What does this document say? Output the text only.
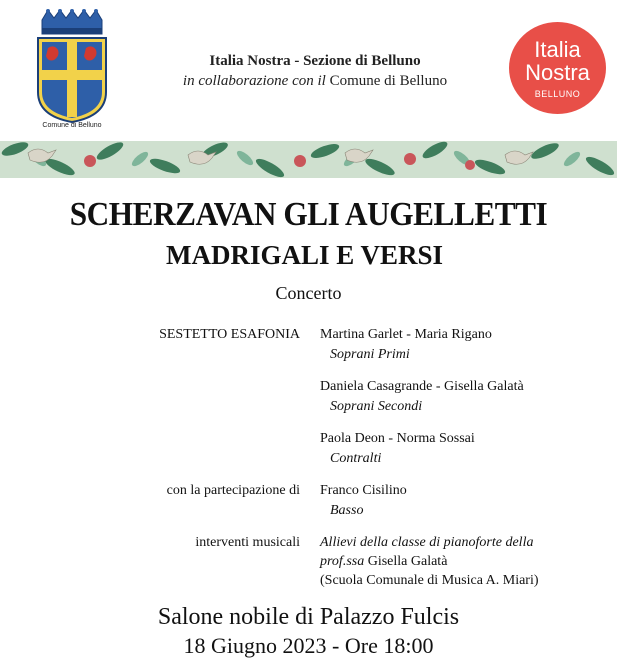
Comune di Belluno
Italia Nostra - Sezione di Belluno
in collaborazione con il Comune di Belluno
Italia
Nostra
BELLUNO
SCHERZAVAN GLI AUGELLETTI
MADRIGALI E VERSI
Concerto
SESTETTO ESAFONIA Martina Garlet - Maria Rigano
Soprani Primi
Daniela Casagrande - Gisella Galatà
Soprani Secondi
Paola Deon - Norma Sossai
Contralti
con la partecipazione di Franco Cisilino
Basso
interventi musicali Allievi della classe di pianoforte della
prof.ssa Gisella Galatà
(Scuola Comunale di Musica A. Miari)
Salone nobile di Palazzo Fulcis
18 Giugno 2023 - Ore 18:00
